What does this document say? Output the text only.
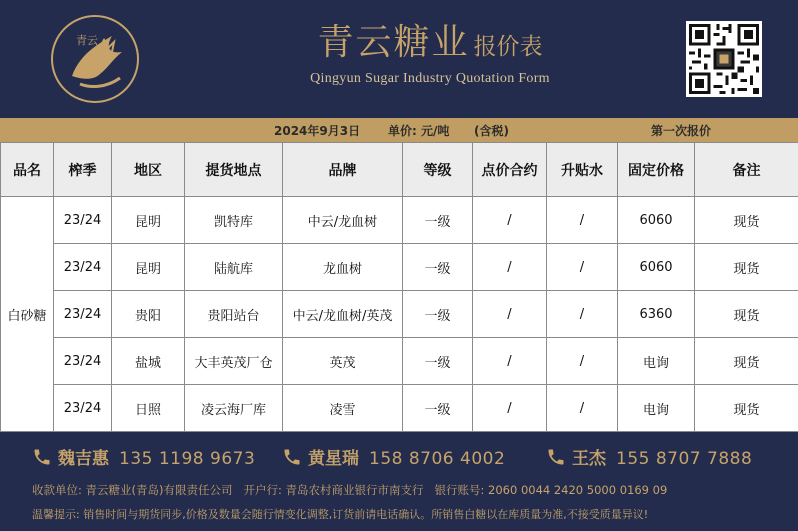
青云	青云糖业 报价表
Qingyun Sugar Industry Quotation Form
2024年9月3日 单价: 元/吨 (含税)	第一次报价
品名	榨季	地区	提货地点	品牌	等级	点价合约	升贴水	固定价格	备注
白砂糖	23/24	昆明	凯特库	中云/龙血树	一级	/	/	6060	现货
	23/24	昆明	陆航库	龙血树	一级	/	/	6060	现货
	23/24	贵阳	贵阳站台	中云/龙血树/英茂	一级	/	/	6360	现货
	23/24	盐城	大丰英茂厂仓	英茂	一级	/	/	电询	现货
	23/24	日照	凌云海厂库	凌雪	一级	/	/	电询	现货
魏吉惠 135 1198 9673	黄星瑞 158 8706 4002	王杰 155 8707 7888
收款单位: 青云糖业(青岛)有限责任公司 开户行: 青岛农村商业银行市南支行 银行账号: 2060 0044 2420 5000 0169 09
温馨提示: 销售时间与期货同步,价格及数量会随行情变化调整,订货前请电话确认。所销售白糖以在库质量为准,不接受质量异议!
